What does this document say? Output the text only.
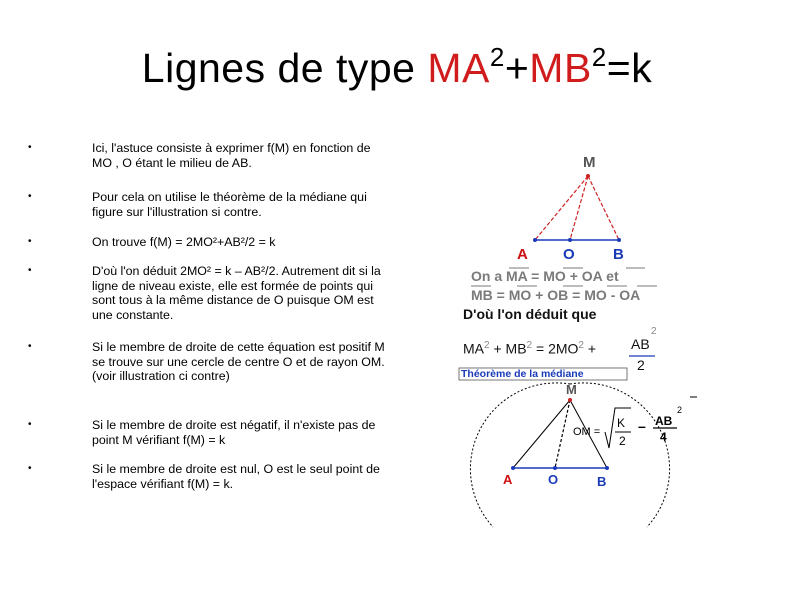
Lignes de type $MA^2+MB^2=k$
•	Ici, l'astuce consiste à exprimer f(M) en fonction de MO , O étant le milieu de AB.
•	Pour cela on utilise le théorème de la médiane qui figure sur l'illustration si contre.
•	On trouve f(M) = 2MO²+AB²/2 = k
•	D'où l'on déduit 2MO² = k – AB²/2. Autrement dit si la ligne de niveau existe, elle est formée de points qui sont tous à la même distance de O puisque OM est une constante.
•	Si le membre de droite de cette équation est positif M se trouve sur une cercle de centre O et de rayon OM. (voir illustration ci contre)
•	Si le membre de droite est négatif, il n'existe pas de point M vérifiant f(M) = k
•	Si le membre de droite est nul, O est le seul point de l'espace vérifiant f(M) = k.
M
A O	B
On a MA = MO + OA et
MB = MO + OB = MO - OA
D'où l'on déduit que
$MA^2 + MB^2 = 2MO^2$ + AB
2
2
Théorème de la médiane
M
A	O	B
OM =
K
2
– AB
2
4
